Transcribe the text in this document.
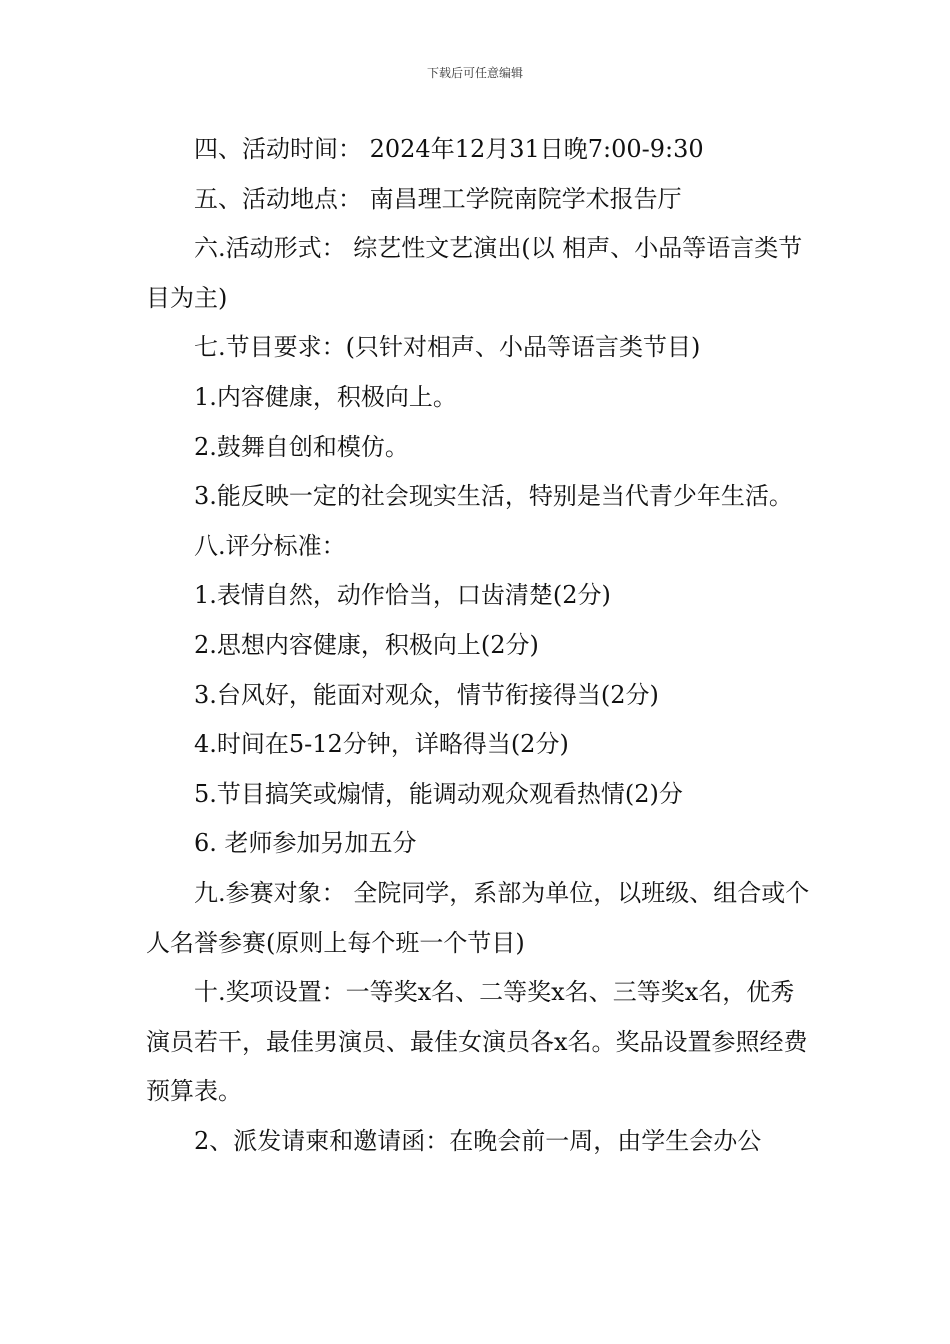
下载后可任意编辑

四、活动时间： 2024年12月31日晚7:00-9:30

五、活动地点： 南昌理工学院南院学术报告厅

六.活动形式： 综艺性文艺演出(以 相声、小品等语言类节目为主)

七.节目要求：(只针对相声、小品等语言类节目)

1.内容健康，积极向上。

2.鼓舞自创和模仿。

3.能反映一定的社会现实生活，特别是当代青少年生活。

八.评分标准：

1.表情自然，动作恰当，口齿清楚(2分)

2.思想内容健康，积极向上(2分)

3.台风好，能面对观众，情节衔接得当(2分)

4.时间在5-12分钟，详略得当(2分)

5.节目搞笑或煽情，能调动观众观看热情(2)分

6. 老师参加另加五分

九.参赛对象： 全院同学，系部为单位，以班级、组合或个人名誉参赛(原则上每个班一个节目)

十.奖项设置：一等奖x名、二等奖x名、三等奖x名，优秀演员若干，最佳男演员、最佳女演员各x名。奖品设置参照经费预算表。

2、派发请柬和邀请函：在晚会前一周，由学生会办公
